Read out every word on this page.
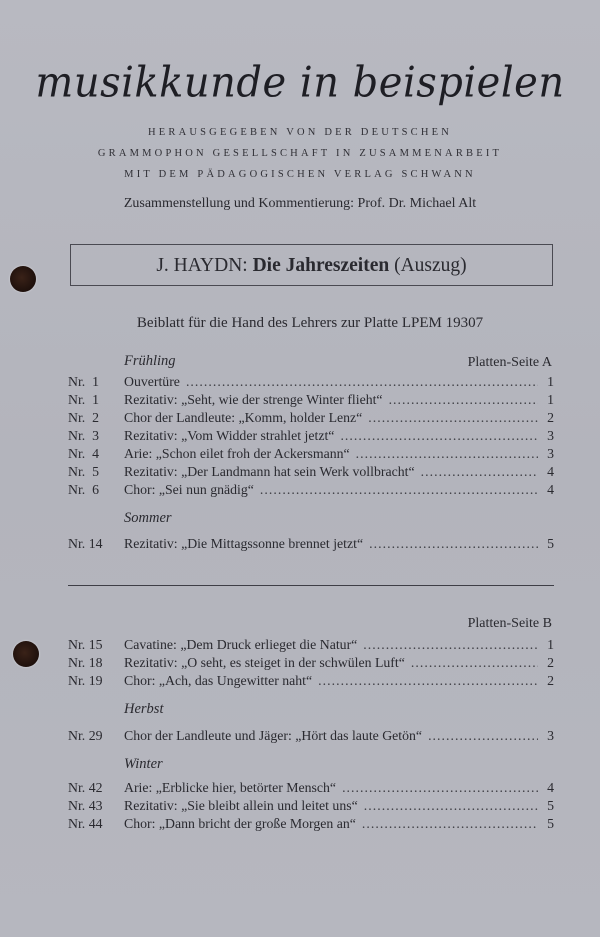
musikkunde in beispielen
HERAUSGEGEBEN VON DER DEUTSCHEN
GRAMMOPHON GESELLSCHAFT IN ZUSAMMENARBEIT
MIT DEM PÄDAGOGISCHEN VERLAG SCHWANN
Zusammenstellung und Kommentierung: Prof. Dr. Michael Alt
J. HAYDN: Die Jahreszeiten (Auszug)
Beiblatt für die Hand des Lehrers zur Platte LPEM 19307
Frühling	Platten-Seite A
Nr.  1	Ouvertüre . . .	1
Nr.  1	Rezitativ: „Seht, wie der strenge Winter flieht“ . . .	1
Nr.  2	Chor der Landleute: „Komm, holder Lenz“ . . .	2
Nr.  3	Rezitativ: „Vom Widder strahlet jetzt“ . . .	3
Nr.  4	Arie: „Schon eilet froh der Ackersmann“ . . .	3
Nr.  5	Rezitativ: „Der Landmann hat sein Werk vollbracht“ . . .	4
Nr.  6	Chor: „Sei nun gnädig“ . . .	4
Sommer
Nr. 14	Rezitativ: „Die Mittagssonne brennet jetzt“ . . .	5
Platten-Seite B
Nr. 15	Cavatine: „Dem Druck erlieget die Natur“ . . .	1
Nr. 18	Rezitativ: „O seht, es steiget in der schwülen Luft“ . . .	2
Nr. 19	Chor: „Ach, das Ungewitter naht“ . . .	2
Herbst
Nr. 29	Chor der Landleute und Jäger: „Hört das laute Getön“ . . .	3
Winter
Nr. 42	Arie: „Erblicke hier, betörter Mensch“ . . .	4
Nr. 43	Rezitativ: „Sie bleibt allein und leitet uns“ . . .	5
Nr. 44	Chor: „Dann bricht der große Morgen an“ . . .	5
